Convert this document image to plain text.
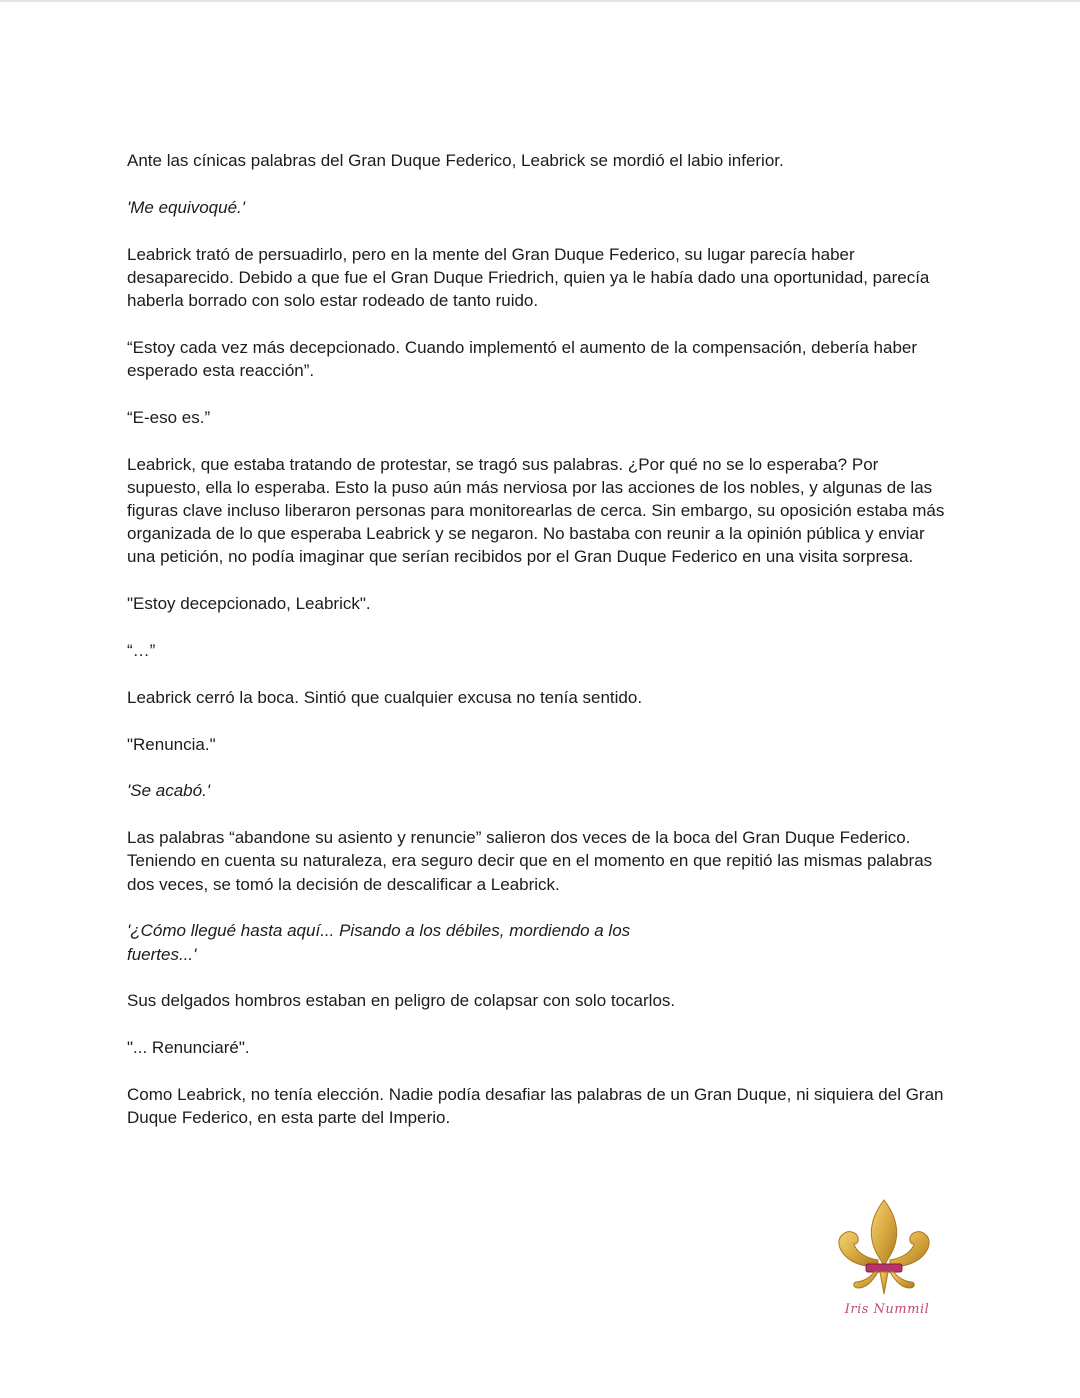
Ante las cínicas palabras del Gran Duque Federico, Leabrick se mordió el labio inferior.

'Me equivoqué.'

Leabrick trató de persuadirlo, pero en la mente del Gran Duque Federico, su lugar parecía haber desaparecido. Debido a que fue el Gran Duque Friedrich, quien ya le había dado una oportunidad, parecía haberla borrado con solo estar rodeado de tanto ruido.

“Estoy cada vez más decepcionado. Cuando implementó el aumento de la compensación, debería haber esperado esta reacción”.

“E-eso es.”

Leabrick, que estaba tratando de protestar, se tragó sus palabras. ¿Por qué no se lo esperaba? Por supuesto, ella lo esperaba. Esto la puso aún más nerviosa por las acciones de los nobles, y algunas de las figuras clave incluso liberaron personas para monitorearlas de cerca. Sin embargo, su oposición estaba más organizada de lo que esperaba Leabrick y se negaron. No bastaba con reunir a la opinión pública y enviar una petición, no podía imaginar que serían recibidos por el Gran Duque Federico en una visita sorpresa.

"Estoy decepcionado, Leabrick".

“…”

Leabrick cerró la boca. Sintió que cualquier excusa no tenía sentido.

"Renuncia."

'Se acabó.'

Las palabras “abandone su asiento y renuncie” salieron dos veces de la boca del Gran Duque Federico. Teniendo en cuenta su naturaleza, era seguro decir que en el momento en que repitió las mismas palabras dos veces, se tomó la decisión de descalificar a Leabrick.

'¿Cómo llegué hasta aquí... Pisando a los débiles, mordiendo a los
fuertes...'

Sus delgados hombros estaban en peligro de colapsar con solo tocarlos.

"... Renunciaré".

Como Leabrick, no tenía elección. Nadie podía desafiar las palabras de un Gran Duque, ni siquiera del Gran Duque Federico, en esta parte del Imperio.

Iris Nummil
